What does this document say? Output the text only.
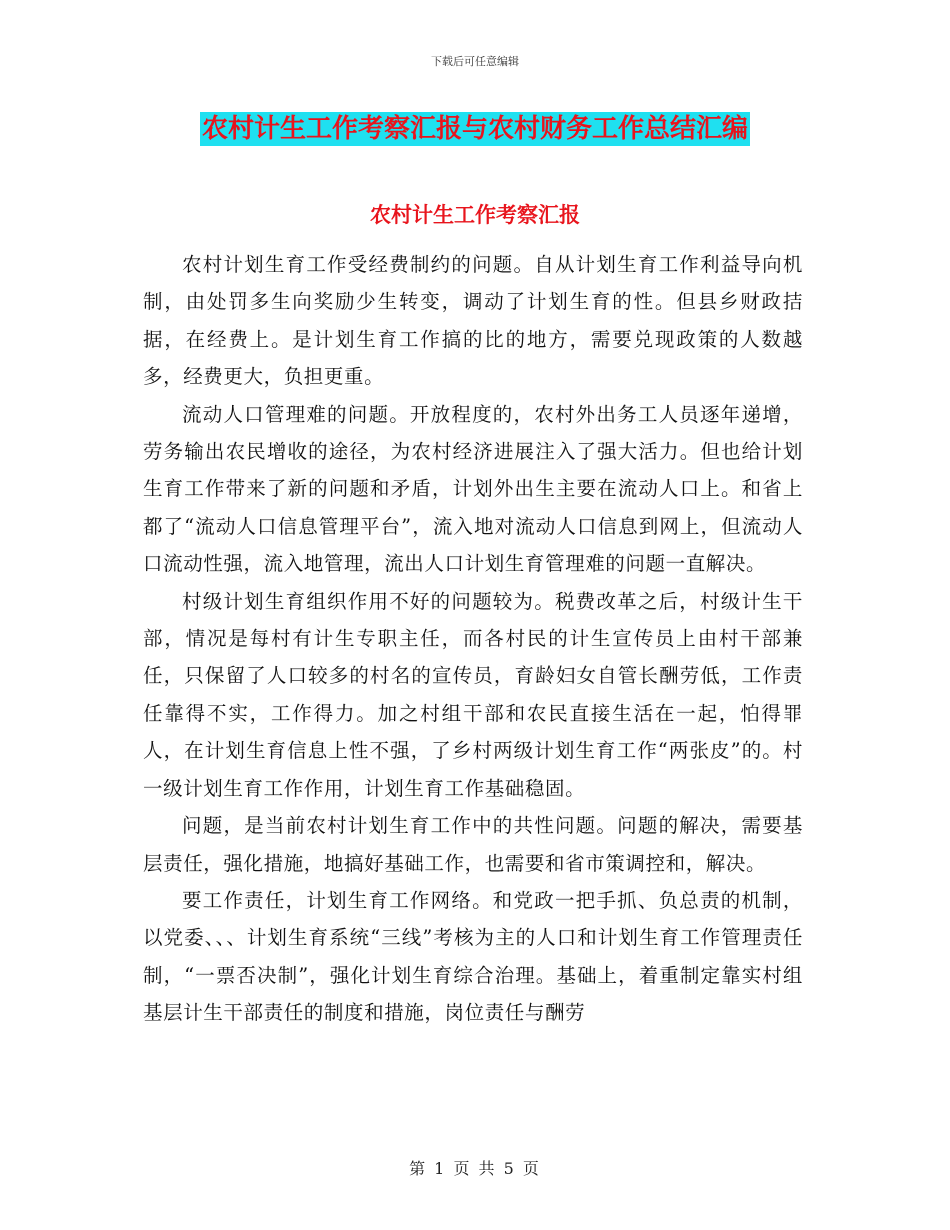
下载后可任意编辑
农村计生工作考察汇报与农村财务工作总结汇编
农村计生工作考察汇报

农村计划生育工作受经费制约的问题。自从计划生育工作利益导向机制，由处罚多生向奖励少生转变，调动了计划生育的性。但县乡财政拮据，在经费上。是计划生育工作搞的比的地方，需要兑现政策的人数越多，经费更大，负担更重。

流动人口管理难的问题。开放程度的，农村外出务工人员逐年递增，劳务输出农民增收的途径，为农村经济进展注入了强大活力。但也给计划生育工作带来了新的问题和矛盾，计划外出生主要在流动人口上。和省上都了“流动人口信息管理平台”，流入地对流动人口信息到网上，但流动人口流动性强，流入地管理，流出人口计划生育管理难的问题一直解决。

村级计划生育组织作用不好的问题较为。税费改革之后，村级计生干部，情况是每村有计生专职主任，而各村民的计生宣传员上由村干部兼任，只保留了人口较多的村名的宣传员，育龄妇女自管长酬劳低，工作责任靠得不实，工作得力。加之村组干部和农民直接生活在一起，怕得罪人，在计划生育信息上性不强，了乡村两级计划生育工作“两张皮”的。村一级计划生育工作作用，计划生育工作基础稳固。

问题，是当前农村计划生育工作中的共性问题。问题的解决，需要基层责任，强化措施，地搞好基础工作，也需要和省市策调控和，解决。

要工作责任，计划生育工作网络。和党政一把手抓、负总责的机制，以党委、、、计划生育系统“三线”考核为主的人口和计划生育工作管理责任制，“一票否决制”，强化计划生育综合治理。基础上，着重制定靠实村组基层计生干部责任的制度和措施，岗位责任与酬劳

第 1 页 共 5 页
